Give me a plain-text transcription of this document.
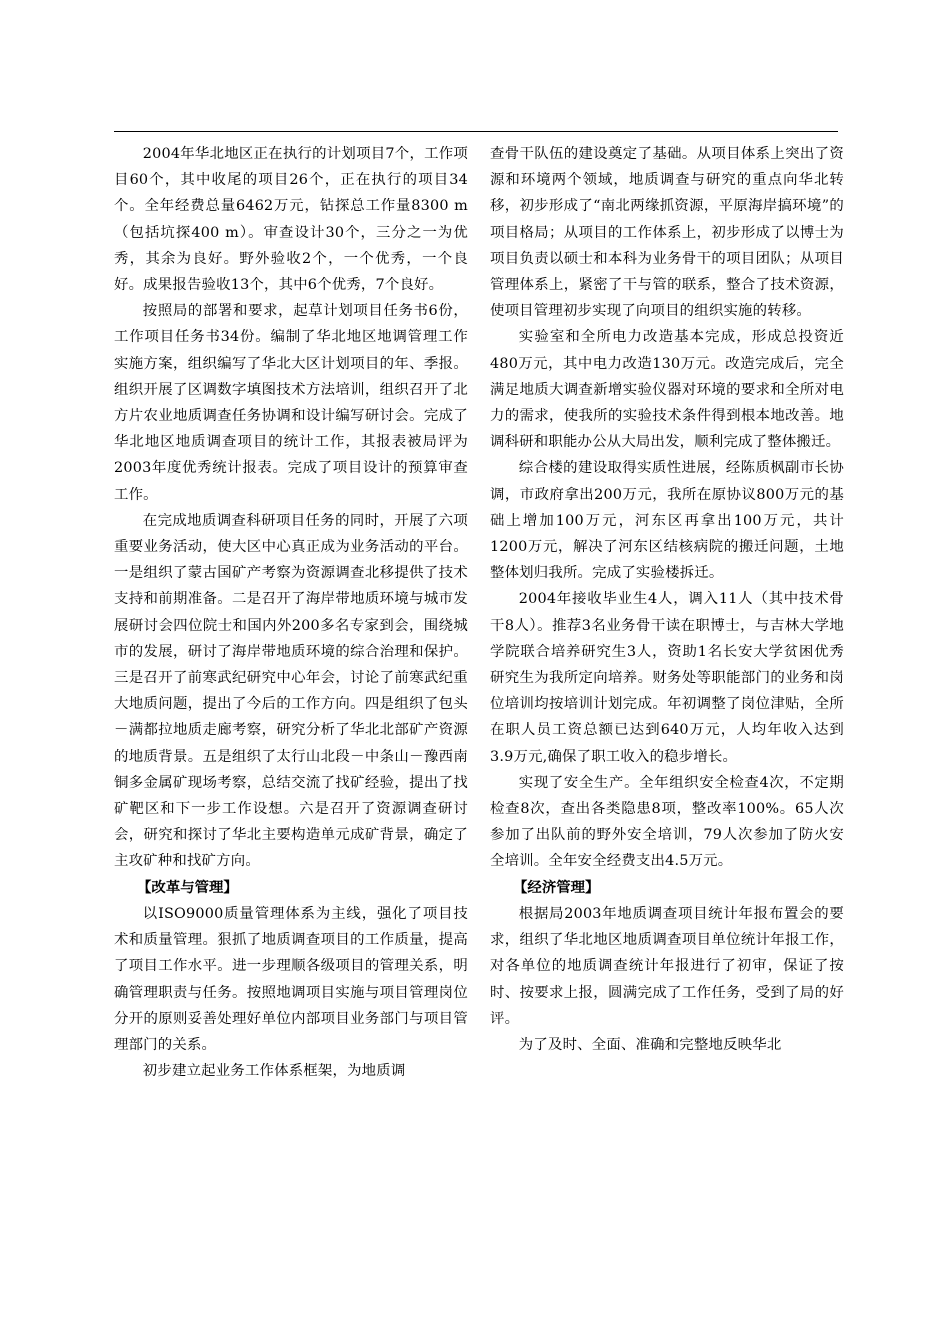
2004年华北地区正在执行的计划项目7个，工作项目60个，其中收尾的项目26个，正在执行的项目34个。全年经费总量6462万元，钻探总工作量8300 m（包括坑探400 m）。审查设计30个，三分之一为优秀，其余为良好。野外验收2个，一个优秀，一个良好。成果报告验收13个，其中6个优秀，7个良好。

按照局的部署和要求，起草计划项目任务书6份，工作项目任务书34份。编制了华北地区地调管理工作实施方案，组织编写了华北大区计划项目的年、季报。组织开展了区调数字填图技术方法培训，组织召开了北方片农业地质调查任务协调和设计编写研讨会。完成了华北地区地质调查项目的统计工作，其报表被局评为2003年度优秀统计报表。完成了项目设计的预算审查工作。

在完成地质调查科研项目任务的同时，开展了六项重要业务活动，使大区中心真正成为业务活动的平台。一是组织了蒙古国矿产考察为资源调查北移提供了技术支持和前期准备。二是召开了海岸带地质环境与城市发展研讨会四位院士和国内外200多名专家到会，围绕城市的发展，研讨了海岸带地质环境的综合治理和保护。三是召开了前寒武纪研究中心年会，讨论了前寒武纪重大地质问题，提出了今后的工作方向。四是组织了包头－满都拉地质走廊考察，研究分析了华北北部矿产资源的地质背景。五是组织了太行山北段－中条山－豫西南铜多金属矿现场考察，总结交流了找矿经验，提出了找矿靶区和下一步工作设想。六是召开了资源调查研讨会，研究和探讨了华北主要构造单元成矿背景，确定了主攻矿种和找矿方向。

【改革与管理】

以ISO9000质量管理体系为主线，强化了项目技术和质量管理。狠抓了地质调查项目的工作质量，提高了项目工作水平。进一步理顺各级项目的管理关系，明确管理职责与任务。按照地调项目实施与项目管理岗位分开的原则妥善处理好单位内部项目业务部门与项目管理部门的关系。

初步建立起业务工作体系框架，为地质调

查骨干队伍的建设奠定了基础。从项目体系上突出了资源和环境两个领域，地质调查与研究的重点向华北转移，初步形成了“南北两缘抓资源，平原海岸搞环境”的项目格局；从项目的工作体系上，初步形成了以博士为项目负责以硕士和本科为业务骨干的项目团队；从项目管理体系上，紧密了干与管的联系，整合了技术资源，使项目管理初步实现了向项目的组织实施的转移。

实验室和全所电力改造基本完成，形成总投资近480万元，其中电力改造130万元。改造完成后，完全满足地质大调查新增实验仪器对环境的要求和全所对电力的需求，使我所的实验技术条件得到根本地改善。地调科研和职能办公从大局出发，顺利完成了整体搬迁。

综合楼的建设取得实质性进展，经陈质枫副市长协调，市政府拿出200万元，我所在原协议800万元的基础上增加100万元，河东区再拿出100万元，共计1200万元，解决了河东区结核病院的搬迁问题，土地整体划归我所。完成了实验楼拆迁。

2004年接收毕业生4人，调入11人（其中技术骨干8人）。推荐3名业务骨干读在职博士，与吉林大学地学院联合培养研究生3人，资助1名长安大学贫困优秀研究生为我所定向培养。财务处等职能部门的业务和岗位培训均按培训计划完成。年初调整了岗位津贴，全所在职人员工资总额已达到640万元，人均年收入达到3.9万元,确保了职工收入的稳步增长。

实现了安全生产。全年组织安全检查4次，不定期检查8次，查出各类隐患8项，整改率100%。65人次参加了出队前的野外安全培训，79人次参加了防火安全培训。全年安全经费支出4.5万元。

【经济管理】

根据局2003年地质调查项目统计年报布置会的要求，组织了华北地区地质调查项目单位统计年报工作，对各单位的地质调查统计年报进行了初审，保证了按时、按要求上报，圆满完成了工作任务，受到了局的好评。

为了及时、全面、准确和完整地反映华北
